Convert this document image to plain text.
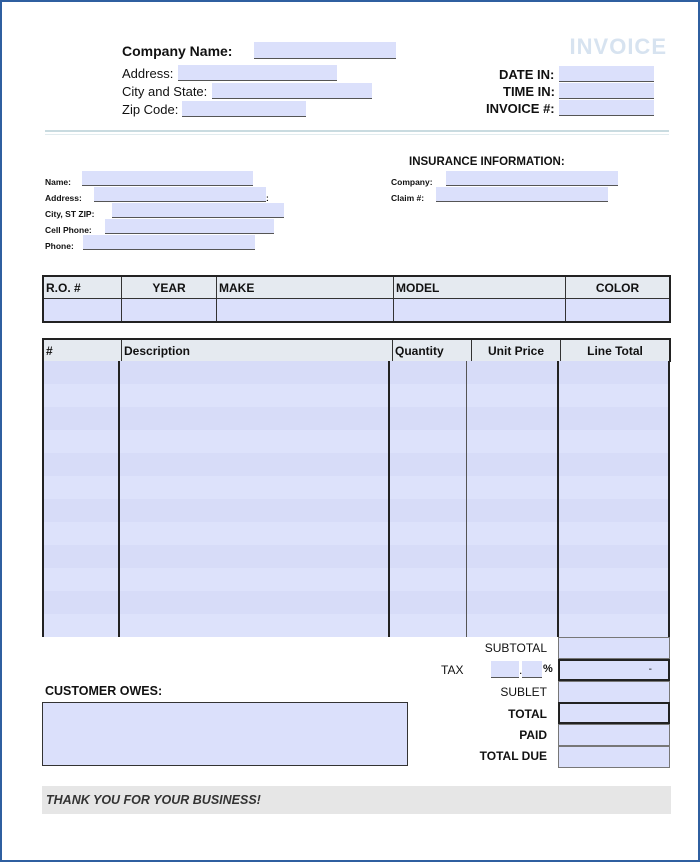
INVOICE
Company Name:
Address:
City and State:
Zip Code:
DATE IN:
TIME IN:
INVOICE #:
Name:
Address:	:
City, ST ZIP:
Cell Phone:
Phone:
INSURANCE INFORMATION:
Company:
Claim #:
R.O. #	YEAR	MAKE	MODEL	COLOR

#	Description	Quantity	Unit Price	Line Total
SUBTOTAL
TAX	. %	-
SUBLET
TOTAL
PAID
TOTAL DUE
CUSTOMER OWES:
THANK YOU FOR YOUR BUSINESS!
